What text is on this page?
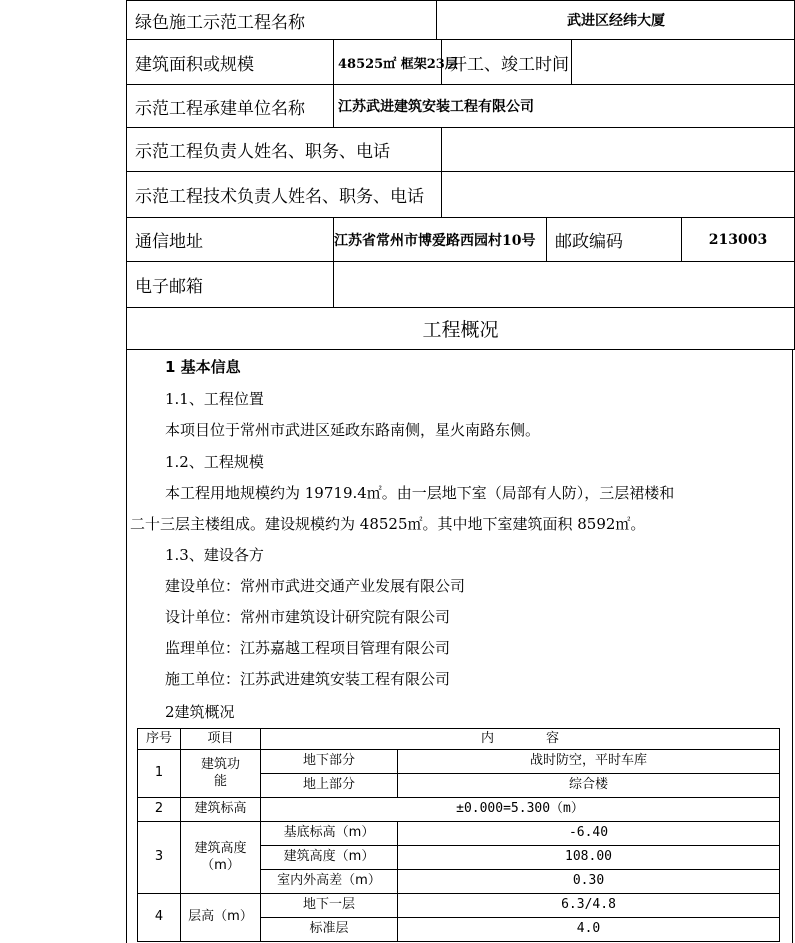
绿色施工示范工程名称		武进区经纬大厦				
建筑面积或规模	48525㎡ 框架23层		开工、竣工时间			
示范工程承建单位名称	江苏武进建筑安装工程有限公司					
示范工程负责人姓名、职务、电话						
示范工程技术负责人姓名、职务、电话						
通信地址	江苏省常州市博爱路西园村10号			邮政编码		213003
电子邮箱						
工程概况						
1 基本信息
1.1、工程位置
本项目位于常州市武进区延政东路南侧，星火南路东侧。
1.2、工程规模
本工程用地规模约为 19719.4㎡。由一层地下室（局部有人防），三层裙楼和
二十三层主楼组成。建设规模约为 48525㎡。其中地下室建筑面积 8592㎡。
1.3、建设各方
建设单位：常州市武进交通产业发展有限公司
设计单位：常州市建筑设计研究院有限公司
监理单位：江苏嘉越工程项目管理有限公司
施工单位：江苏武进建筑安装工程有限公司
2建筑概况
序号	项目	内　　　　容	
1	建筑功能	地下部分	战时防空，平时车库
		地上部分	综合楼
2	建筑标高	±0.000=5.300（m）	
3	建筑高度（m）	基底标高（m）	-6.40
		建筑高度（m）	108.00
		室内外高差（m）	0.30
4	层高（m）	地下一层	6.3/4.8
		标准层	4.0
